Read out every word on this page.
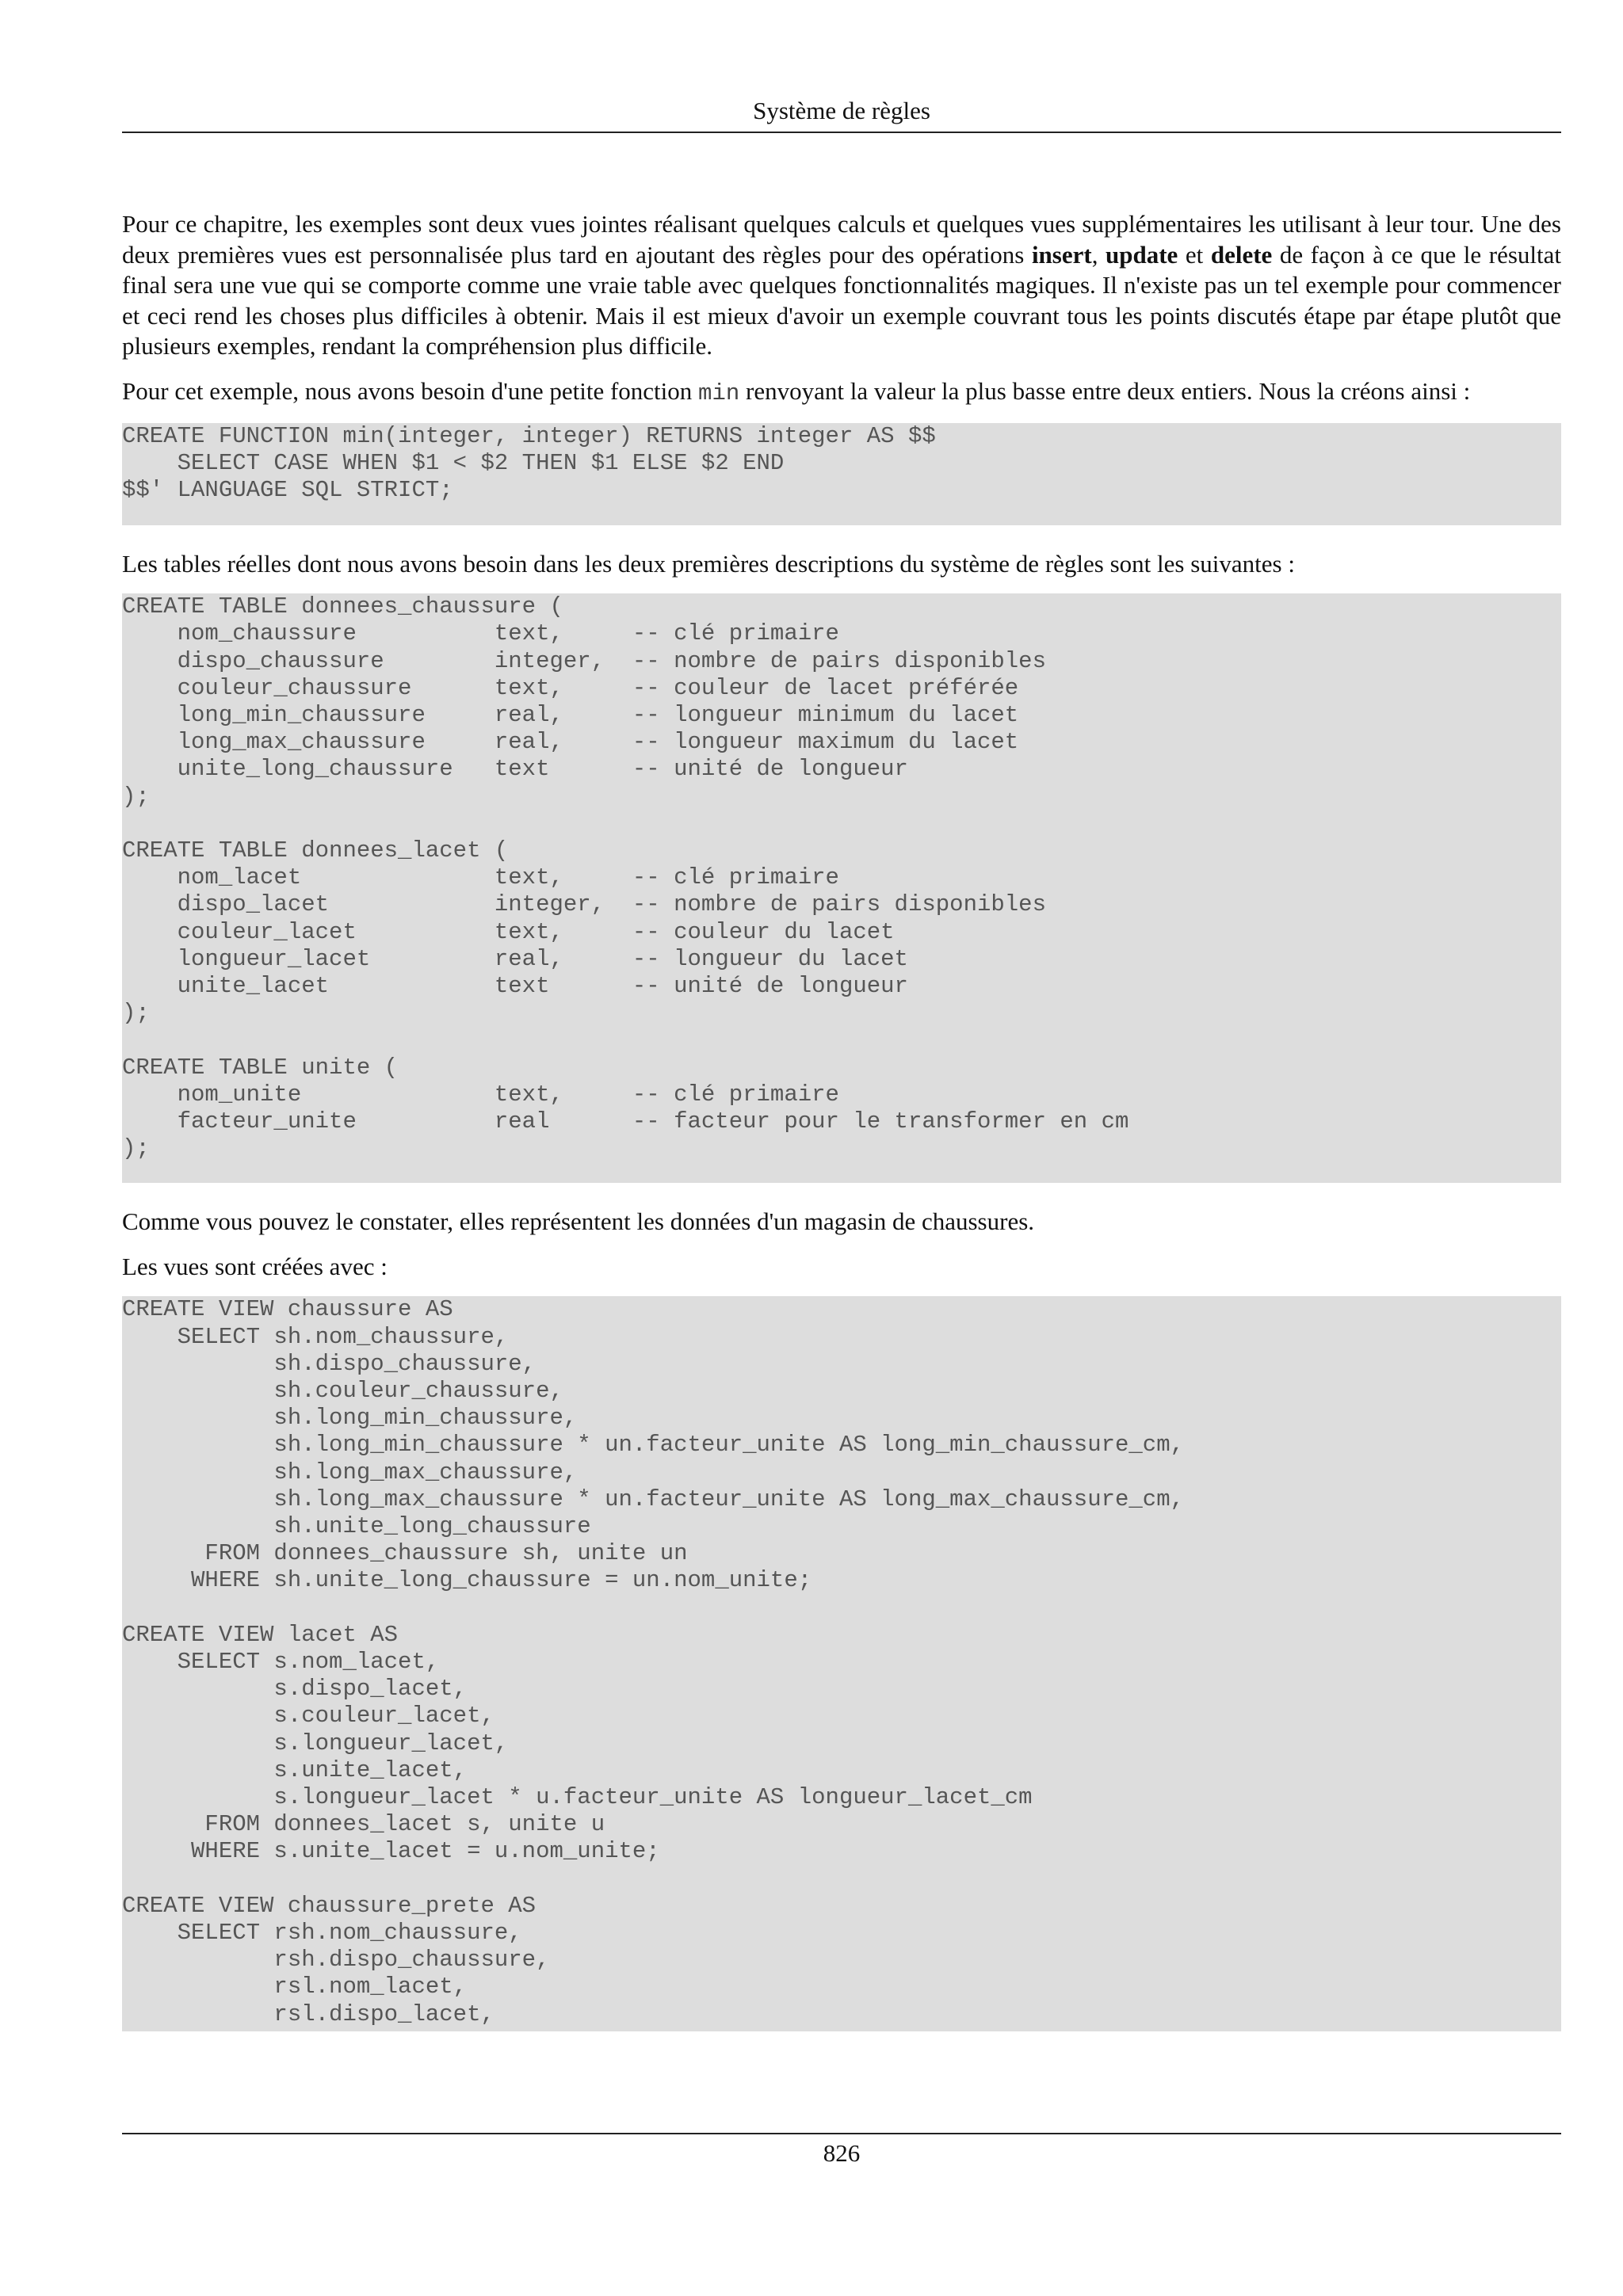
Système de règles

Pour ce chapitre, les exemples sont deux vues jointes réalisant quelques calculs et quelques vues supplémentaires les utilisant à leur tour. Une des deux premières vues est personnalisée plus tard en ajoutant des règles pour des opérations insert, update et delete de façon à ce que le résultat final sera une vue qui se comporte comme une vraie table avec quelques fonctionnalités magiques. Il n'existe pas un tel exemple pour commencer et ceci rend les choses plus difficiles à obtenir. Mais il est mieux d'avoir un exemple couvrant tous les points discutés étape par étape plutôt que plusieurs exemples, rendant la compréhension plus difficile.

Pour cet exemple, nous avons besoin d'une petite fonction min renvoyant la valeur la plus basse entre deux entiers. Nous la créons ainsi :

CREATE FUNCTION min(integer, integer) RETURNS integer AS $$
SELECT CASE WHEN $1 < $2 THEN $1 ELSE $2 END
$$' LANGUAGE SQL STRICT;

Les tables réelles dont nous avons besoin dans les deux premières descriptions du système de règles sont les suivantes :

CREATE TABLE donnees_chaussure (
nom_chaussure          text,     -- clé primaire
dispo_chaussure        integer,  -- nombre de pairs disponibles
couleur_chaussure      text,     -- couleur de lacet préférée
long_min_chaussure     real,     -- longueur minimum du lacet
long_max_chaussure     real,     -- longueur maximum du lacet
unite_long_chaussure   text      -- unité de longueur
);

CREATE TABLE donnees_lacet (
nom_lacet              text,     -- clé primaire
dispo_lacet            integer,  -- nombre de pairs disponibles
couleur_lacet          text,     -- couleur du lacet
longueur_lacet         real,     -- longueur du lacet
unite_lacet            text      -- unité de longueur
);

CREATE TABLE unite (
nom_unite              text,     -- clé primaire
facteur_unite          real      -- facteur pour le transformer en cm
);

Comme vous pouvez le constater, elles représentent les données d'un magasin de chaussures.

Les vues sont créées avec :

CREATE VIEW chaussure AS
SELECT sh.nom_chaussure,
sh.dispo_chaussure,
sh.couleur_chaussure,
sh.long_min_chaussure,
sh.long_min_chaussure * un.facteur_unite AS long_min_chaussure_cm,
sh.long_max_chaussure,
sh.long_max_chaussure * un.facteur_unite AS long_max_chaussure_cm,
sh.unite_long_chaussure
FROM donnees_chaussure sh, unite un
WHERE sh.unite_long_chaussure = un.nom_unite;

CREATE VIEW lacet AS
SELECT s.nom_lacet,
s.dispo_lacet,
s.couleur_lacet,
s.longueur_lacet,
s.unite_lacet,
s.longueur_lacet * u.facteur_unite AS longueur_lacet_cm
FROM donnees_lacet s, unite u
WHERE s.unite_lacet = u.nom_unite;

CREATE VIEW chaussure_prete AS
SELECT rsh.nom_chaussure,
rsh.dispo_chaussure,
rsl.nom_lacet,
rsl.dispo_lacet,
826
